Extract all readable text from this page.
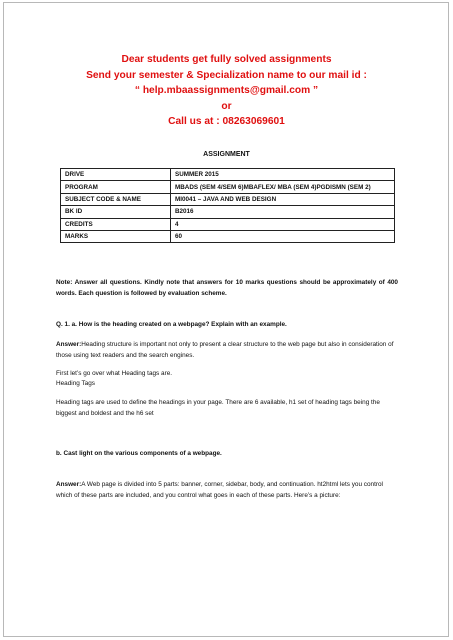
Dear students get fully solved assignments
Send your semester & Specialization name to our mail id :
“ help.mbaassignments@gmail.com ”
or
Call us at : 08263069601
ASSIGNMENT
DRIVE	SUMMER 2015
PROGRAM	MBADS (SEM 4/SEM 6)MBAFLEX/ MBA (SEM 4)PGDISMN (SEM 2)
SUBJECT CODE & NAME	MI0041 – JAVA AND WEB DESIGN
BK ID	B2016
CREDITS	4
MARKS	60
Note: Answer all questions. Kindly note that answers for 10 marks questions should be approximately of 400 words. Each question is followed by evaluation scheme.
Q. 1. a. How is the heading created on a webpage? Explain with an example.
Answer:Heading structure is important not only to present a clear structure to the web page but also in consideration of those using text readers and the search engines.
First let’s go over what Heading tags are.
Heading Tags
Heading tags are used to define the headings in your page. There are 6 available, h1 set of heading tags being the biggest and boldest and the h6 set
b. Cast light on the various components of a webpage.
Answer:A Web page is divided into 5 parts: banner, corner, sidebar, body, and continuation. ht2html lets you control which of these parts are included, and you control what goes in each of these parts. Here’s a picture:
